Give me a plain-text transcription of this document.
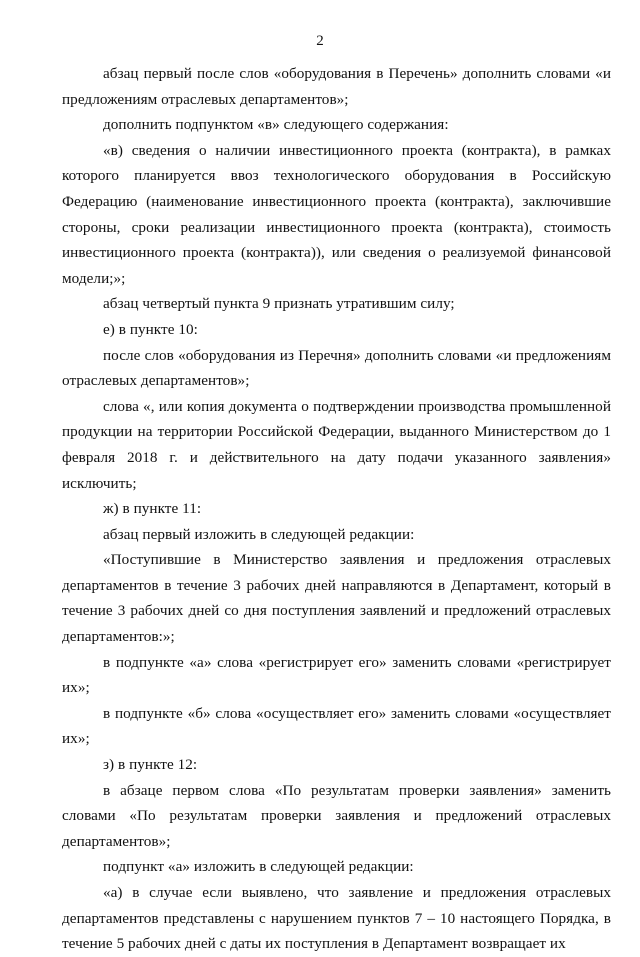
2

абзац первый после слов «оборудования в Перечень» дополнить словами «и предложениям отраслевых департаментов»;

дополнить подпунктом «в» следующего содержания:

«в) сведения о наличии инвестиционного проекта (контракта), в рамках которого планируется ввоз технологического оборудования в Российскую Федерацию (наименование инвестиционного проекта (контракта), заключившие стороны, сроки реализации инвестиционного проекта (контракта), стоимость инвестиционного проекта (контракта)), или сведения о реализуемой финансовой модели;»;

абзац четвертый пункта 9 признать утратившим силу;

е) в пункте 10:

после слов «оборудования из Перечня» дополнить словами «и предложениям отраслевых департаментов»;

слова «, или копия документа о подтверждении производства промышленной продукции на территории Российской Федерации, выданного Министерством до 1 февраля 2018 г. и действительного на дату подачи указанного заявления» исключить;

ж) в пункте 11:

абзац первый изложить в следующей редакции:

«Поступившие в Министерство заявления и предложения отраслевых департаментов в течение 3 рабочих дней направляются в Департамент, который в течение 3 рабочих дней со дня поступления заявлений и предложений отраслевых департаментов:»;

в подпункте «а» слова «регистрирует его» заменить словами «регистрирует их»;

в подпункте «б» слова «осуществляет его» заменить словами «осуществляет их»;

з) в пункте 12:

в абзаце первом слова «По результатам проверки заявления» заменить словами «По результатам проверки заявления и предложений отраслевых департаментов»;

подпункт «а» изложить в следующей редакции:

«а) в случае если выявлено, что заявление и предложения отраслевых департаментов представлены с нарушением пунктов 7 – 10 настоящего Порядка, в течение 5 рабочих дней с даты их поступления в Департамент возвращает их
